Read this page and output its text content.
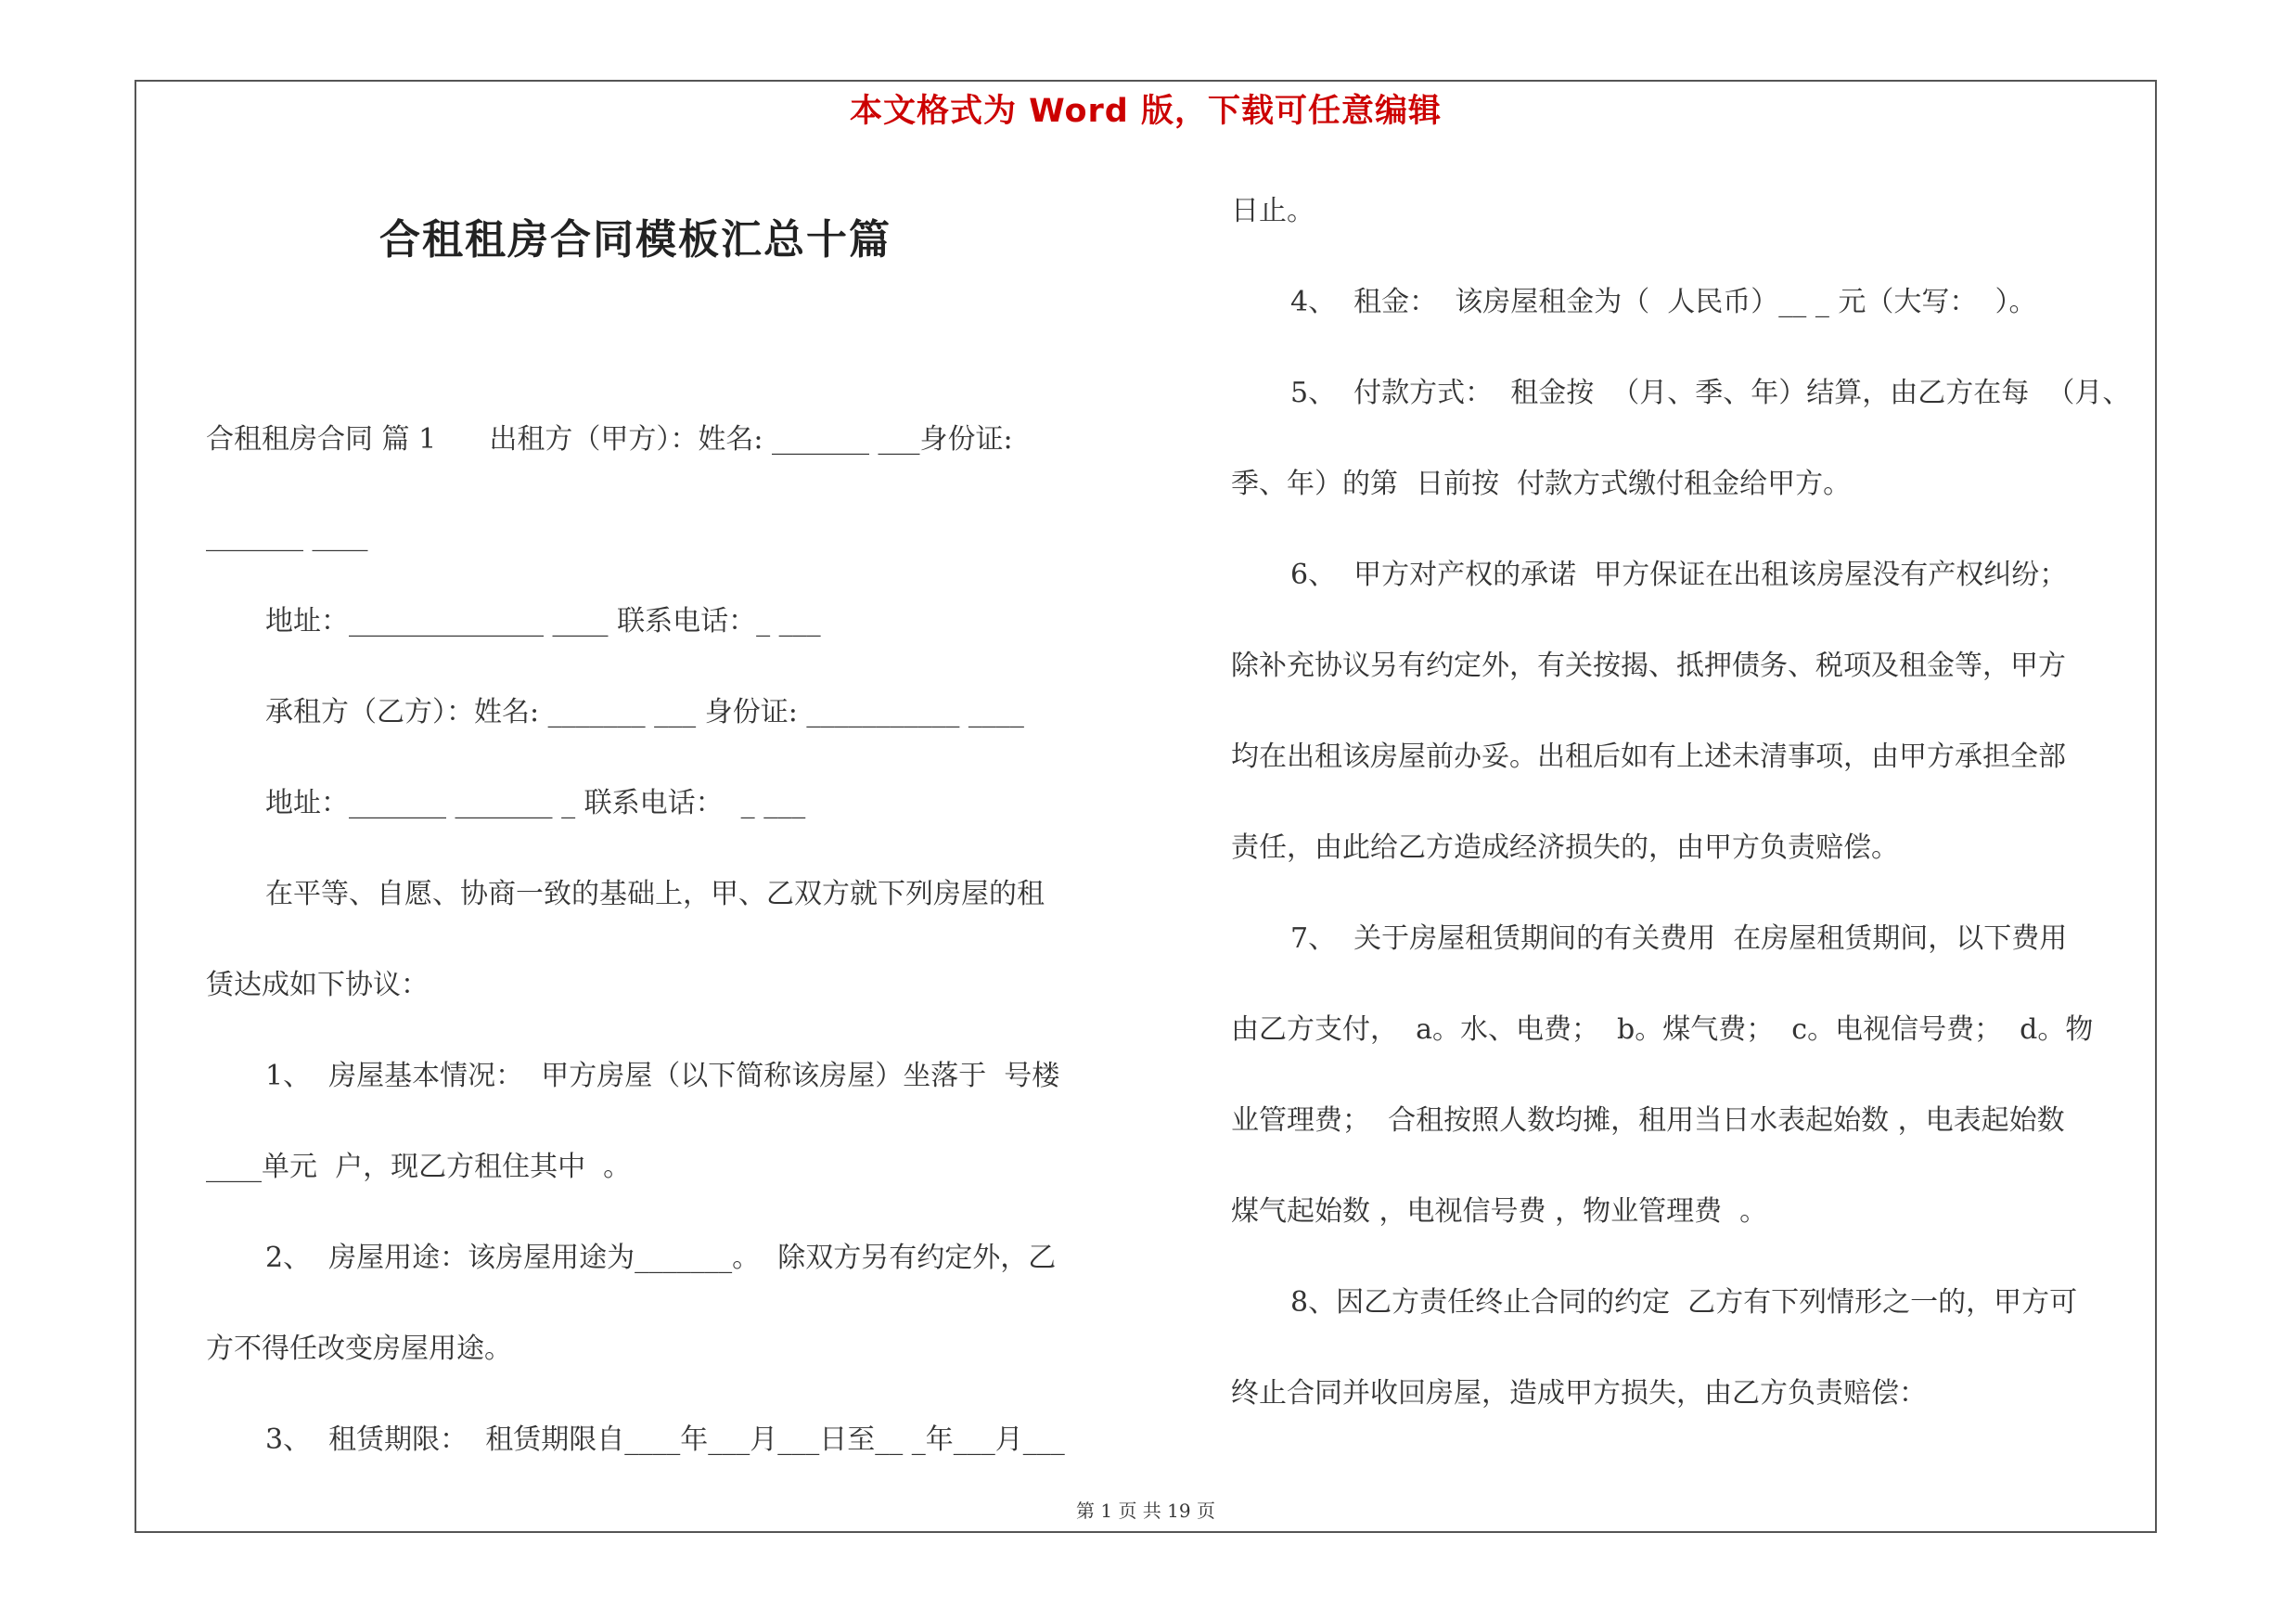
本文格式为 Word 版，下载可任意编辑
合租租房合同模板汇总十篇
合租租房合同 篇 1      出租方（甲方）：姓名: _______ ___身份证:
_______ ____
地址：______________ ____ 联系电话：_ ___
承租方（乙方）：姓名: _______ ___ 身份证: ___________ ____
地址：_______ _______ _ 联系电话：  _ ___
在平等、自愿、协商一致的基础上，甲、乙双方就下列房屋的租
赁达成如下协议：
1、  房屋基本情况：  甲方房屋（以下简称该房屋）坐落于  号楼
____单元  户，现乙方租住其中  。
2、  房屋用途：该房屋用途为_______。  除双方另有约定外，乙
方不得任改变房屋用途。
3、  租赁期限：  租赁期限自____年___月___日至__ _年___月___
日止。
4、  租金：  该房屋租金为（  人民币）__ _ 元（大写：  ）。
5、  付款方式：  租金按  （月、季、年）结算，由乙方在每  （月、
季、年）的第  日前按  付款方式缴付租金给甲方。
6、  甲方对产权的承诺  甲方保证在出租该房屋没有产权纠纷；
除补充协议另有约定外，有关按揭、抵押债务、税项及租金等，甲方
均在出租该房屋前办妥。出租后如有上述未清事项，由甲方承担全部
责任，由此给乙方造成经济损失的，由甲方负责赔偿。
7、  关于房屋租赁期间的有关费用  在房屋租赁期间，以下费用
由乙方支付，  a。水、电费；  b。煤气费；  c。电视信号费；  d。物
业管理费；  合租按照人数均摊，租用当日水表起始数 ，电表起始数
煤气起始数 ，电视信号费 ，物业管理费  。
8、因乙方责任终止合同的约定  乙方有下列情形之一的，甲方可
终止合同并收回房屋，造成甲方损失，由乙方负责赔偿：
第 1 页 共 19 页
